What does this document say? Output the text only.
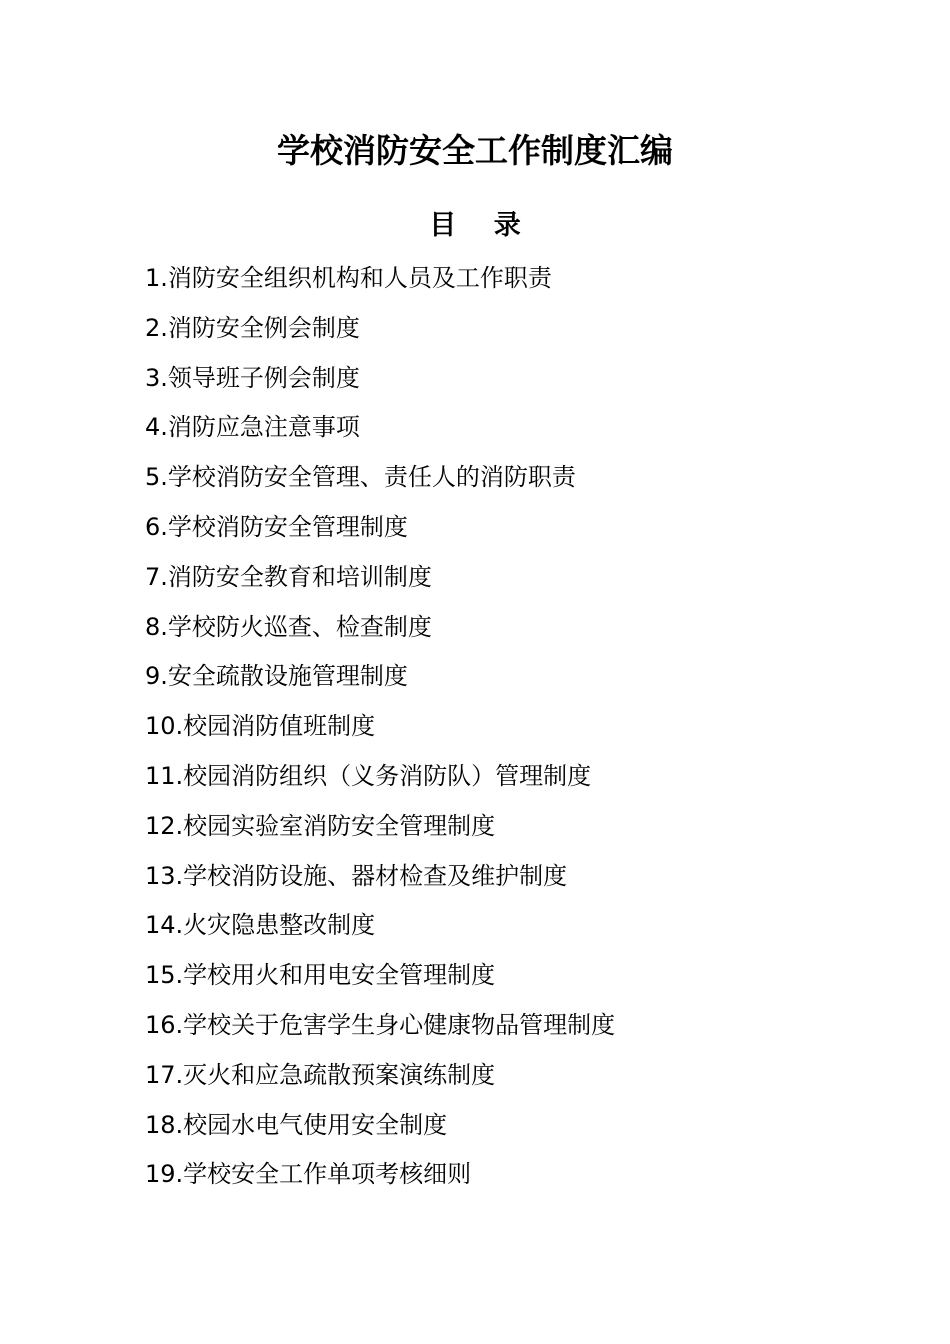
学校消防安全工作制度汇编
目 录
1.消防安全组织机构和人员及工作职责
2.消防安全例会制度
3.领导班子例会制度
4.消防应急注意事项
5.学校消防安全管理、责任人的消防职责
6.学校消防安全管理制度
7.消防安全教育和培训制度
8.学校防火巡查、检查制度
9.安全疏散设施管理制度
10.校园消防值班制度
11.校园消防组织（义务消防队）管理制度
12.校园实验室消防安全管理制度
13.学校消防设施、器材检查及维护制度
14.火灾隐患整改制度
15.学校用火和用电安全管理制度
16.学校关于危害学生身心健康物品管理制度
17.灭火和应急疏散预案演练制度
18.校园水电气使用安全制度
19.学校安全工作单项考核细则
